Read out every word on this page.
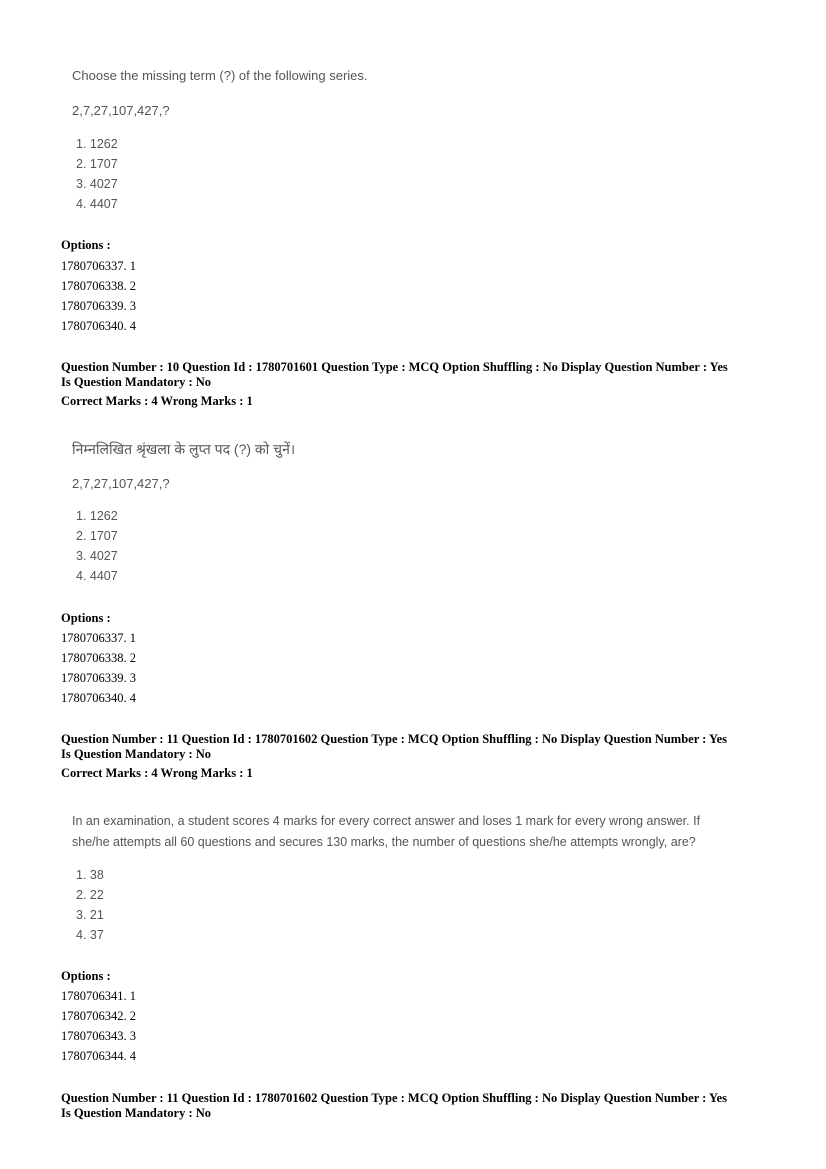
Choose the missing term (?) of the following series.
2,7,27,107,427,?
1. 1262
2. 1707
3. 4027
4. 4407
Options :
1780706337. 1
1780706338. 2
1780706339. 3
1780706340. 4
Question Number : 10 Question Id : 1780701601 Question Type : MCQ Option Shuffling : No Display Question Number : Yes
Is Question Mandatory : No
Correct Marks : 4 Wrong Marks : 1
निम्नलिखित श्रृंखला के लुप्त पद (?) को चुनें।
2,7,27,107,427,?
1. 1262
2. 1707
3. 4027
4. 4407
Options :
1780706337. 1
1780706338. 2
1780706339. 3
1780706340. 4
Question Number : 11 Question Id : 1780701602 Question Type : MCQ Option Shuffling : No Display Question Number : Yes
Is Question Mandatory : No
Correct Marks : 4 Wrong Marks : 1
In an examination, a student scores 4 marks for every correct answer and loses 1 mark for every wrong answer. If
she/he attempts all 60 questions and secures 130 marks, the number of questions she/he attempts wrongly, are?
1. 38
2. 22
3. 21
4. 37
Options :
1780706341. 1
1780706342. 2
1780706343. 3
1780706344. 4
Question Number : 11 Question Id : 1780701602 Question Type : MCQ Option Shuffling : No Display Question Number : Yes
Is Question Mandatory : No
